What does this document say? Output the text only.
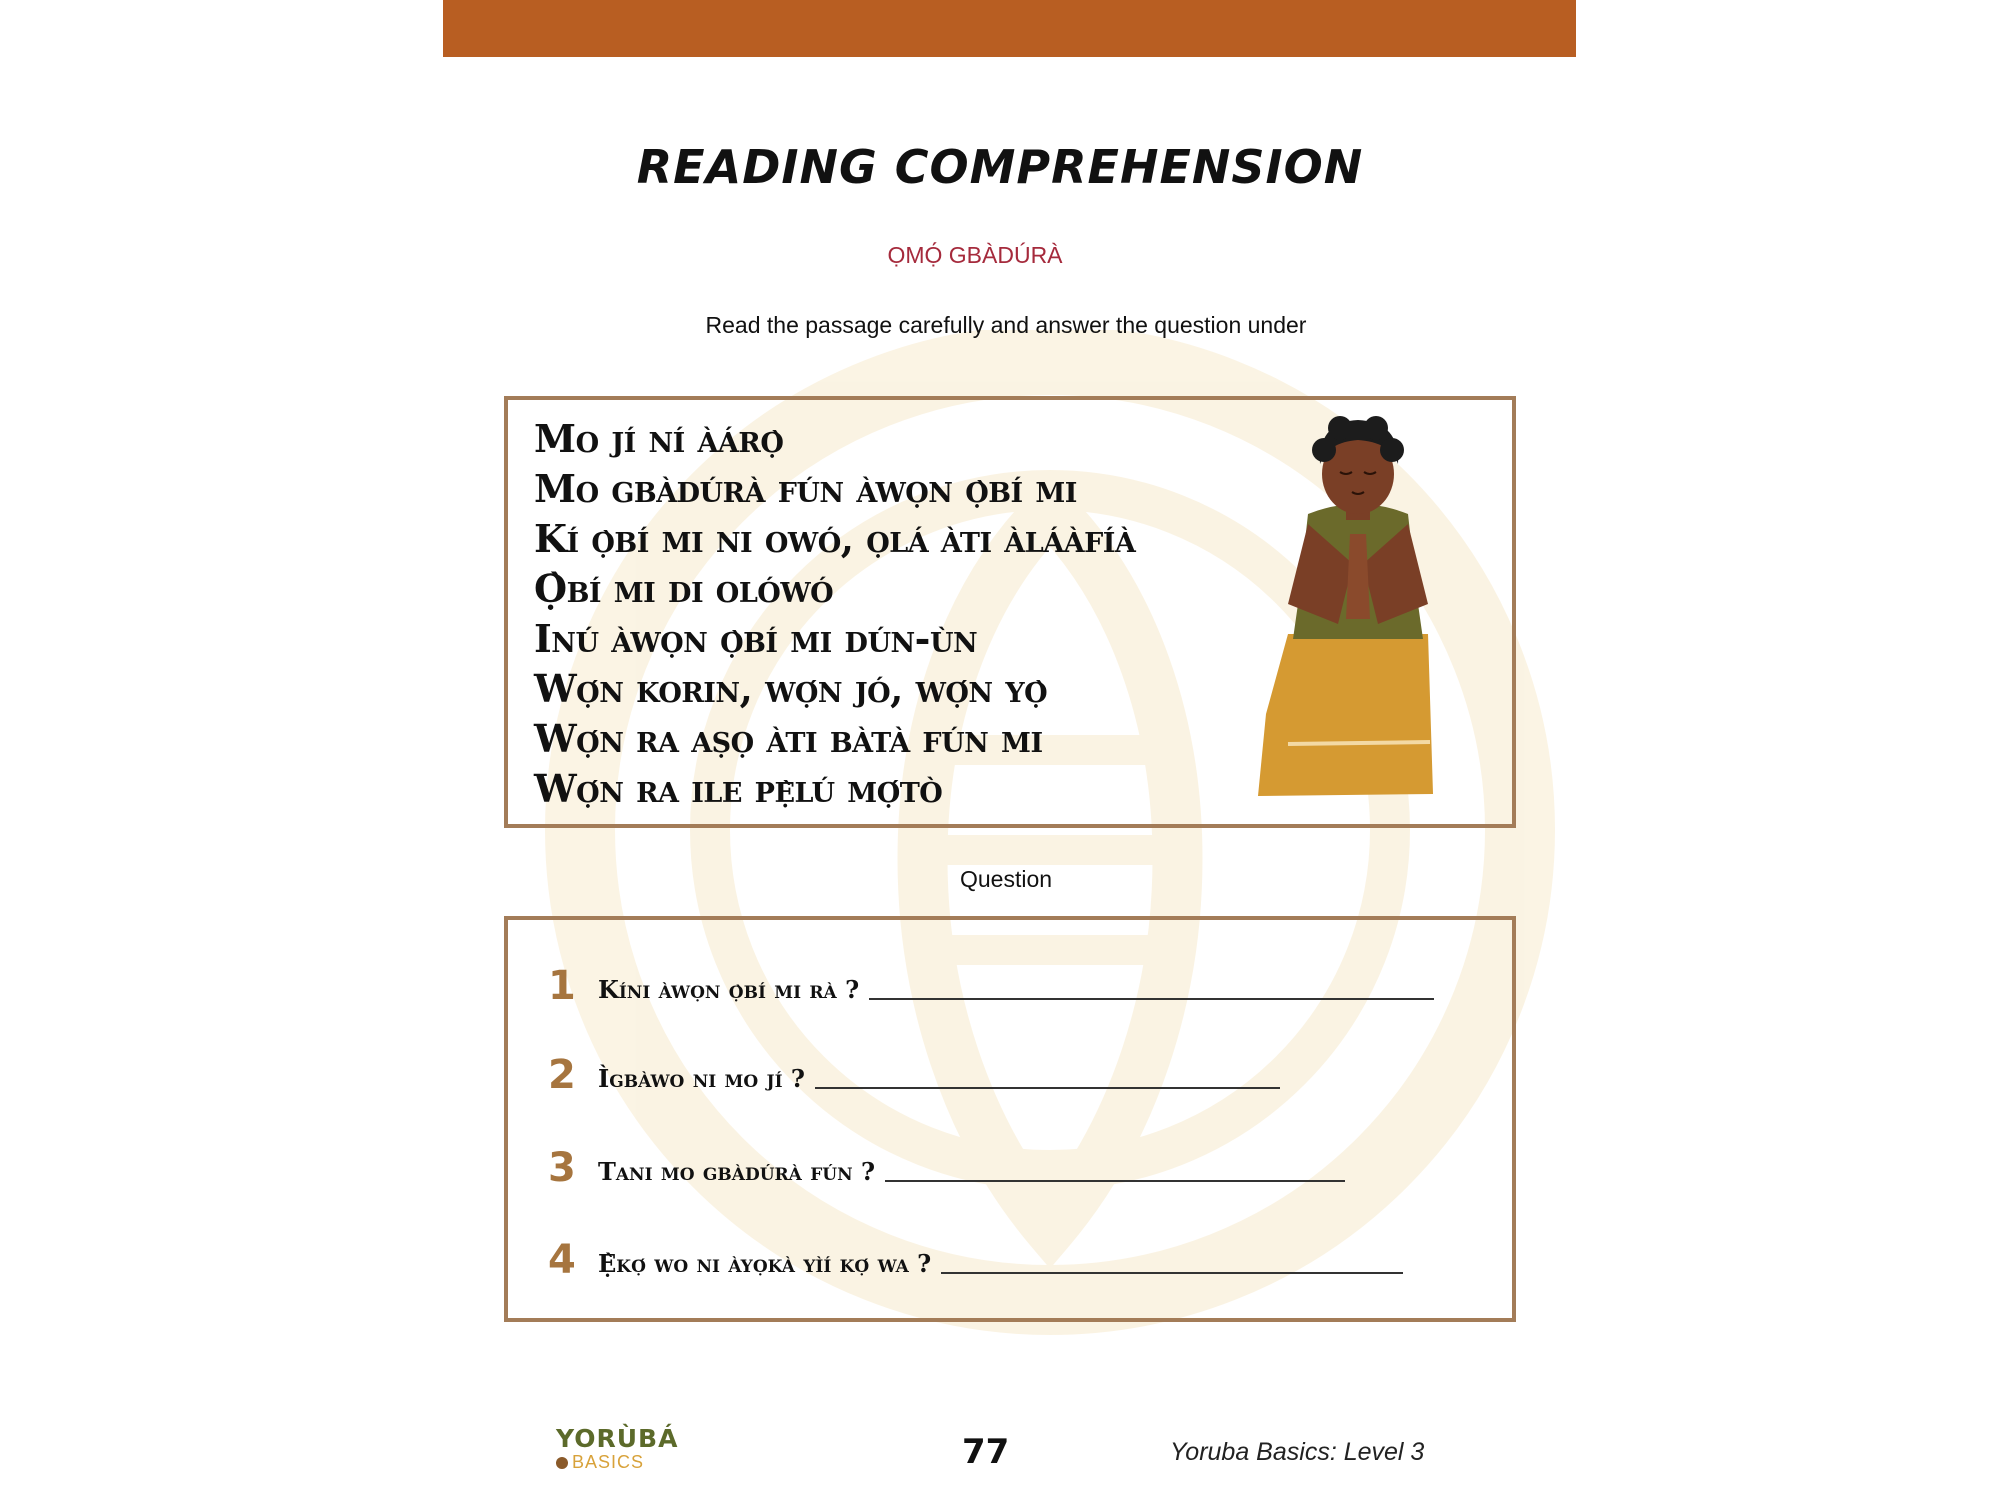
READING COMPREHENSION
ỌMỌ́ GBÀDÚRÀ
Read the passage carefully and answer the question under
Mo jí ní àárọ̀
Mo gbàdúrà fún àwọn ọ̀bí mi
Kí ọ̀bí mi ni owó, ọlá àti àláàfíà
Ọ̀bí mi di olówó
Inú àwọn ọ̀bí mi dún-ùn
Wọ́n korin, wọ́n jó, wọ́n yọ̀
Wọ́n ra aṣọ àti bàtà fún mi
Wọ́n ra ile pẹ̀lú mọ́tò
Question
1 Kíni àwọn ọ̀bí mi rà ?
2 Ìgbàwo ni mo jí ?
3 Tani mo gbàdúrà fún ?
4 Ẹ̀kọ́ wo ni àyọkà yìí kọ́ wa ?
YORÙBÁ
BASICS	77	Yoruba Basics: Level 3
